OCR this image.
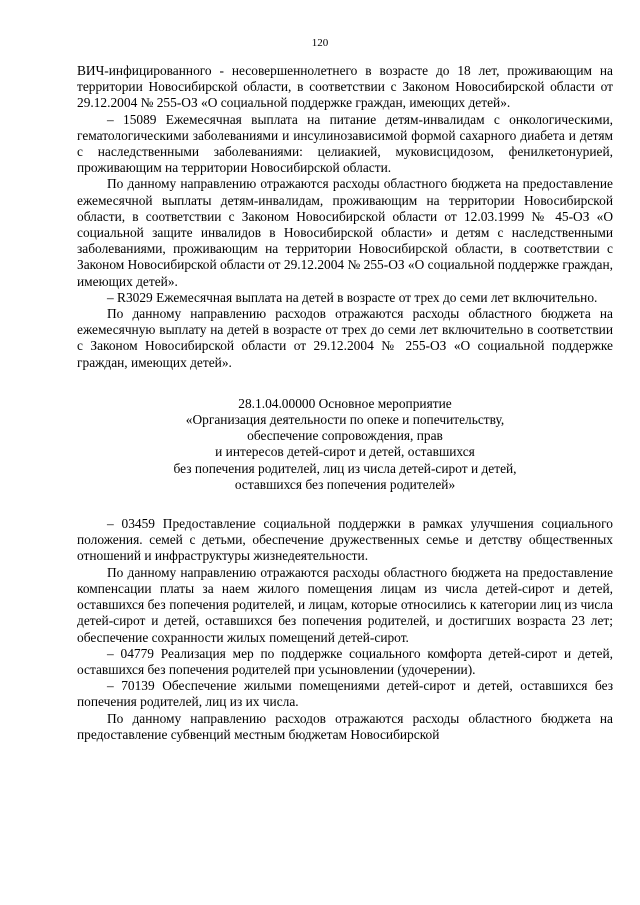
120

ВИЧ-инфицированного - несовершеннолетнего в возрасте до 18 лет, проживающим на территории Новосибирской области, в соответствии с Законом Новосибирской области от 29.12.2004 № 255-ОЗ «О социальной поддержке граждан, имеющих детей».

– 15089 Ежемесячная выплата на питание детям-инвалидам с онкологическими, гематологическими заболеваниями и инсулинозависимой формой сахарного диабета и детям с наследственными заболеваниями: целиакией, муковисцидозом, фенилкетонурией, проживающим на территории Новосибирской области.

По данному направлению отражаются расходы областного бюджета на предоставление ежемесячной выплаты детям-инвалидам, проживающим на территории Новосибирской области, в соответствии с Законом Новосибирской области от 12.03.1999 № 45-ОЗ «О социальной защите инвалидов в Новосибирской области» и детям с наследственными заболеваниями, проживающим на территории Новосибирской области, в соответствии с Законом Новосибирской области от 29.12.2004 № 255-ОЗ «О социальной поддержке граждан, имеющих детей».

– R3029 Ежемесячная выплата на детей в возрасте от трех до семи лет включительно.

По данному направлению расходов отражаются расходы областного бюджета на ежемесячную выплату на детей в возрасте от трех до семи лет включительно в соответствии с Законом Новосибирской области от 29.12.2004 № 255-ОЗ «О социальной поддержке граждан, имеющих детей».

28.1.04.00000 Основное мероприятие
«Организация деятельности по опеке и попечительству,
обеспечение сопровождения, прав
и интересов детей-сирот и детей, оставшихся
без попечения родителей, лиц из числа детей-сирот и детей,
оставшихся без попечения родителей»

– 03459 Предоставление социальной поддержки в рамках улучшения социального положения. семей с детьми, обеспечение дружественных семье и детству общественных отношений и инфраструктуры жизнедеятельности.

По данному направлению отражаются расходы областного бюджета на предоставление компенсации платы за наем жилого помещения лицам из числа детей-сирот и детей, оставшихся без попечения родителей, и лицам, которые относились к категории лиц из числа детей-сирот и детей, оставшихся без попечения родителей, и достигших возраста 23 лет; обеспечение сохранности жилых помещений детей-сирот.

– 04779 Реализация мер по поддержке социального комфорта детей-сирот и детей, оставшихся без попечения родителей при усыновлении (удочерении).

– 70139 Обеспечение жилыми помещениями детей-сирот и детей, оставшихся без попечения родителей, лиц из их числа.

По данному направлению расходов отражаются расходы областного бюджета на предоставление субвенций местным бюджетам Новосибирской
